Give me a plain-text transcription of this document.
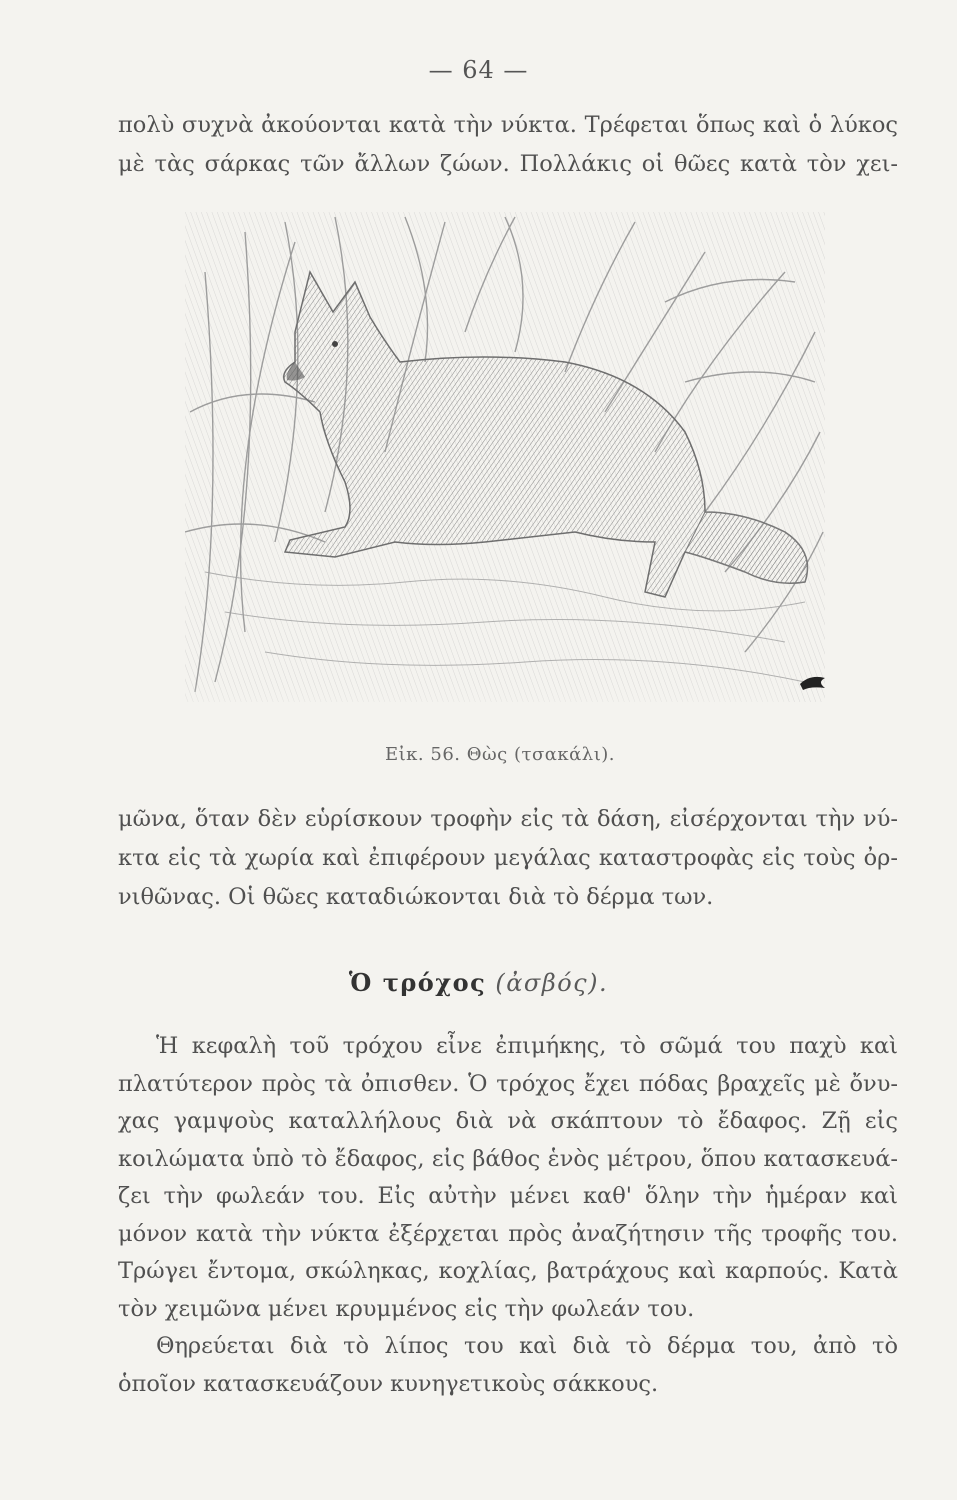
— 64 —
πολὺ συχνὰ ἀκούονται κατὰ τὴν νύκτα. Τρέφεται ὅπως καὶ ὁ λύκος
μὲ τὰς σάρκας τῶν ἄλλων ζώων. Πολλάκις οἱ θῶες κατὰ τὸν χει-
Εἰκ. 56. Θὼς (τσακάλι).
μῶνα, ὅταν δὲν εὑρίσκουν τροφὴν εἰς τὰ δάση, εἰσέρχονται τὴν νύ-
κτα εἰς τὰ χωρία καὶ ἐπιφέρουν μεγάλας καταστροφὰς εἰς τοὺς ὀρ-
νιθῶνας. Οἱ θῶες καταδιώκονται διὰ τὸ δέρμα των.
Ὁ τρόχος (ἀσβός).
Ἡ κεφαλὴ τοῦ τρόχου εἶνε ἐπιμήκης, τὸ σῶμά του παχὺ καὶ
πλατύτερον πρὸς τὰ ὀπισθεν. Ὁ τρόχος ἔχει πόδας βραχεῖς μὲ ὄνυ-
χας γαμψοὺς καταλλήλους διὰ νὰ σκάπτουν τὸ ἔδαφος. Ζῇ εἰς
κοιλώματα ὑπὸ τὸ ἔδαφος, εἰς βάθος ἑνὸς μέτρου, ὅπου κατασκευά-
ζει τὴν φωλεάν του. Εἰς αὐτὴν μένει καθ' ὅλην τὴν ἡμέραν καὶ
μόνον κατὰ τὴν νύκτα ἐξέρχεται πρὸς ἀναζήτησιν τῆς τροφῆς του.
Τρώγει ἔντομα, σκώληκας, κοχλίας, βατράχους καὶ καρπούς. Κατὰ
τὸν χειμῶνα μένει κρυμμένος εἰς τὴν φωλεάν του.
Θηρεύεται διὰ τὸ λίπος του καὶ διὰ τὸ δέρμα του, ἀπὸ τὸ
ὁποῖον κατασκευάζουν κυνηγετικοὺς σάκκους.
